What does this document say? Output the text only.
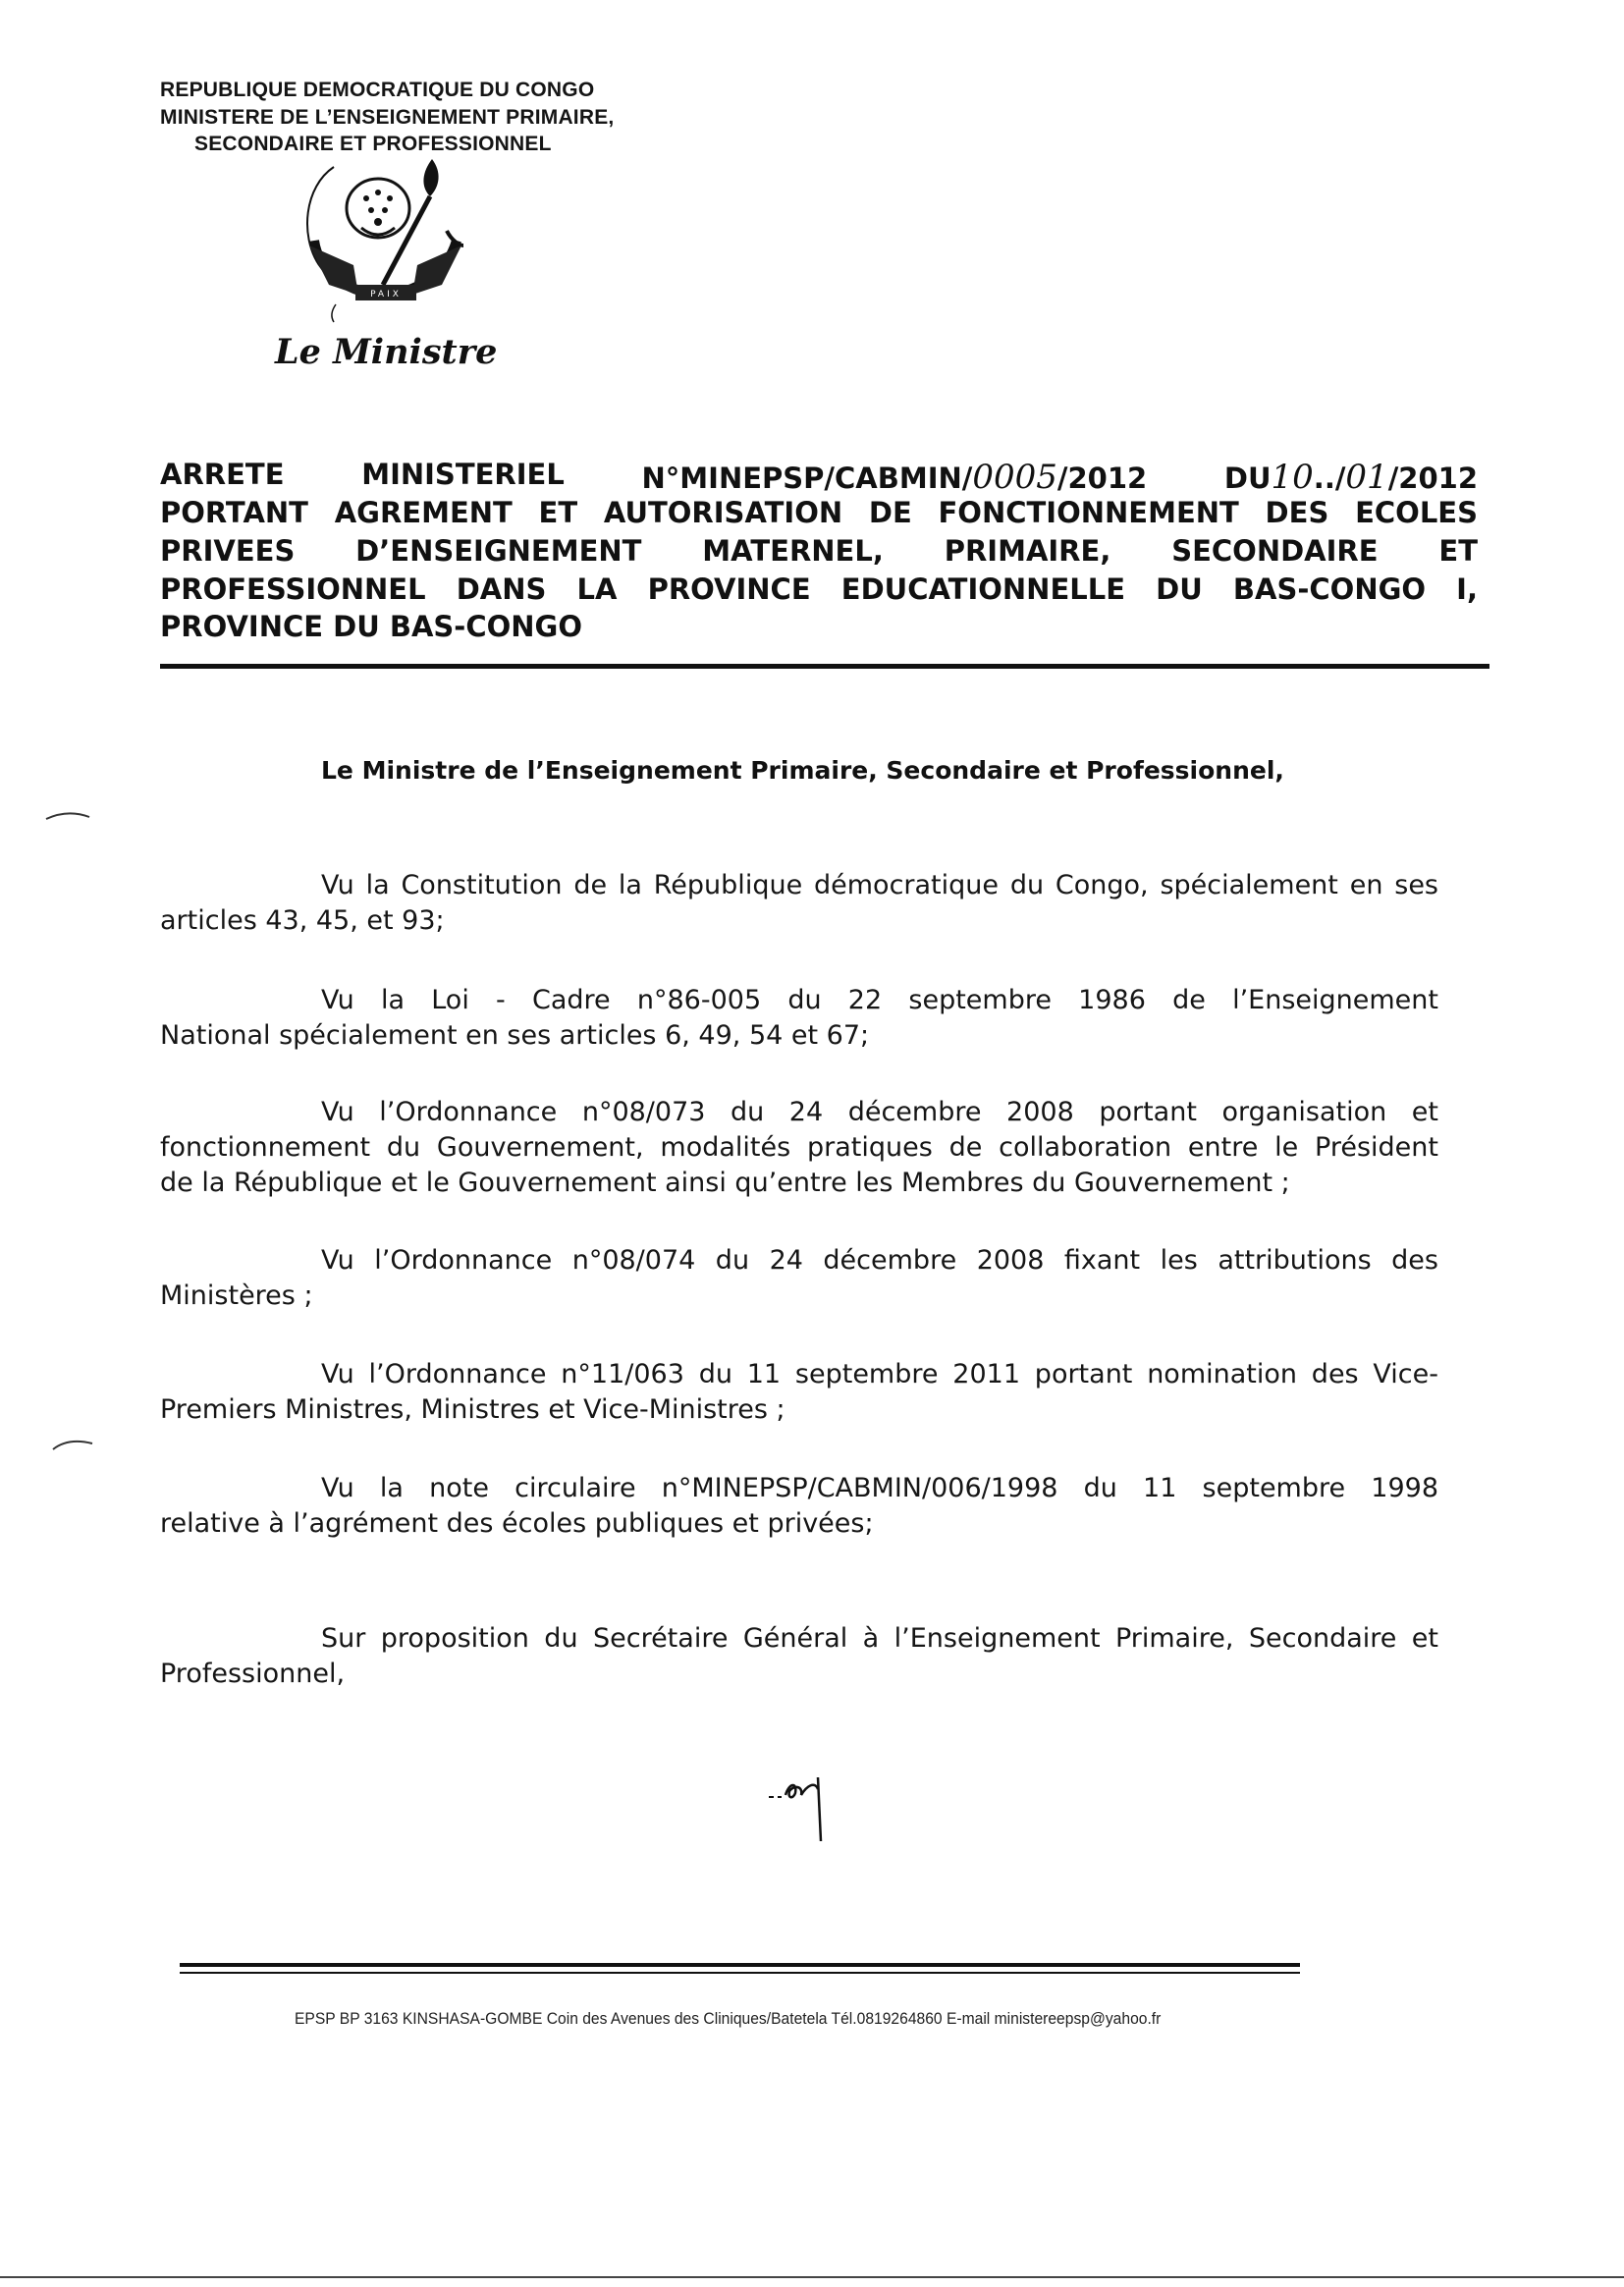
REPUBLIQUE DEMOCRATIQUE DU CONGO
MINISTERE DE L’ENSEIGNEMENT PRIMAIRE,
SECONDAIRE ET PROFESSIONNEL
PAIX
Le Ministre
ARRETE	MINISTERIEL	N°MINEPSP/CABMIN/0005/2012	DU10../01/2012
PORTANT AGREMENT ET AUTORISATION DE FONCTIONNEMENT DES ECOLES
PRIVEES D’ENSEIGNEMENT MATERNEL, PRIMAIRE, SECONDAIRE ET
PROFESSIONNEL DANS LA PROVINCE EDUCATIONNELLE DU BAS-CONGO I,
PROVINCE DU BAS-CONGO
Le Ministre de l’Enseignement Primaire, Secondaire et Professionnel,
Vu la Constitution de la République démocratique du Congo, spécialement en ses
articles 43, 45, et 93;
Vu la Loi - Cadre n°86-005 du 22 septembre 1986 de l’Enseignement
National spécialement en ses articles 6, 49, 54 et 67;
Vu l’Ordonnance n°08/073 du 24 décembre 2008 portant organisation et
fonctionnement du Gouvernement, modalités pratiques de collaboration entre le Président
de la République et le Gouvernement ainsi qu’entre les Membres du Gouvernement ;
Vu l’Ordonnance n°08/074 du 24 décembre 2008 fixant les attributions des
Ministères ;
Vu l’Ordonnance n°11/063 du 11 septembre 2011 portant nomination des Vice-
Premiers Ministres, Ministres et Vice-Ministres ;
Vu la note circulaire n°MINEPSP/CABMIN/006/1998 du 11 septembre 1998
relative à l’agrément des écoles publiques et privées;
Sur proposition du Secrétaire Général à l’Enseignement Primaire, Secondaire et
Professionnel,
EPSP BP 3163 KINSHASA-GOMBE Coin des Avenues des Cliniques/Batetela Tél.0819264860 E-mail ministereepsp@yahoo.fr
